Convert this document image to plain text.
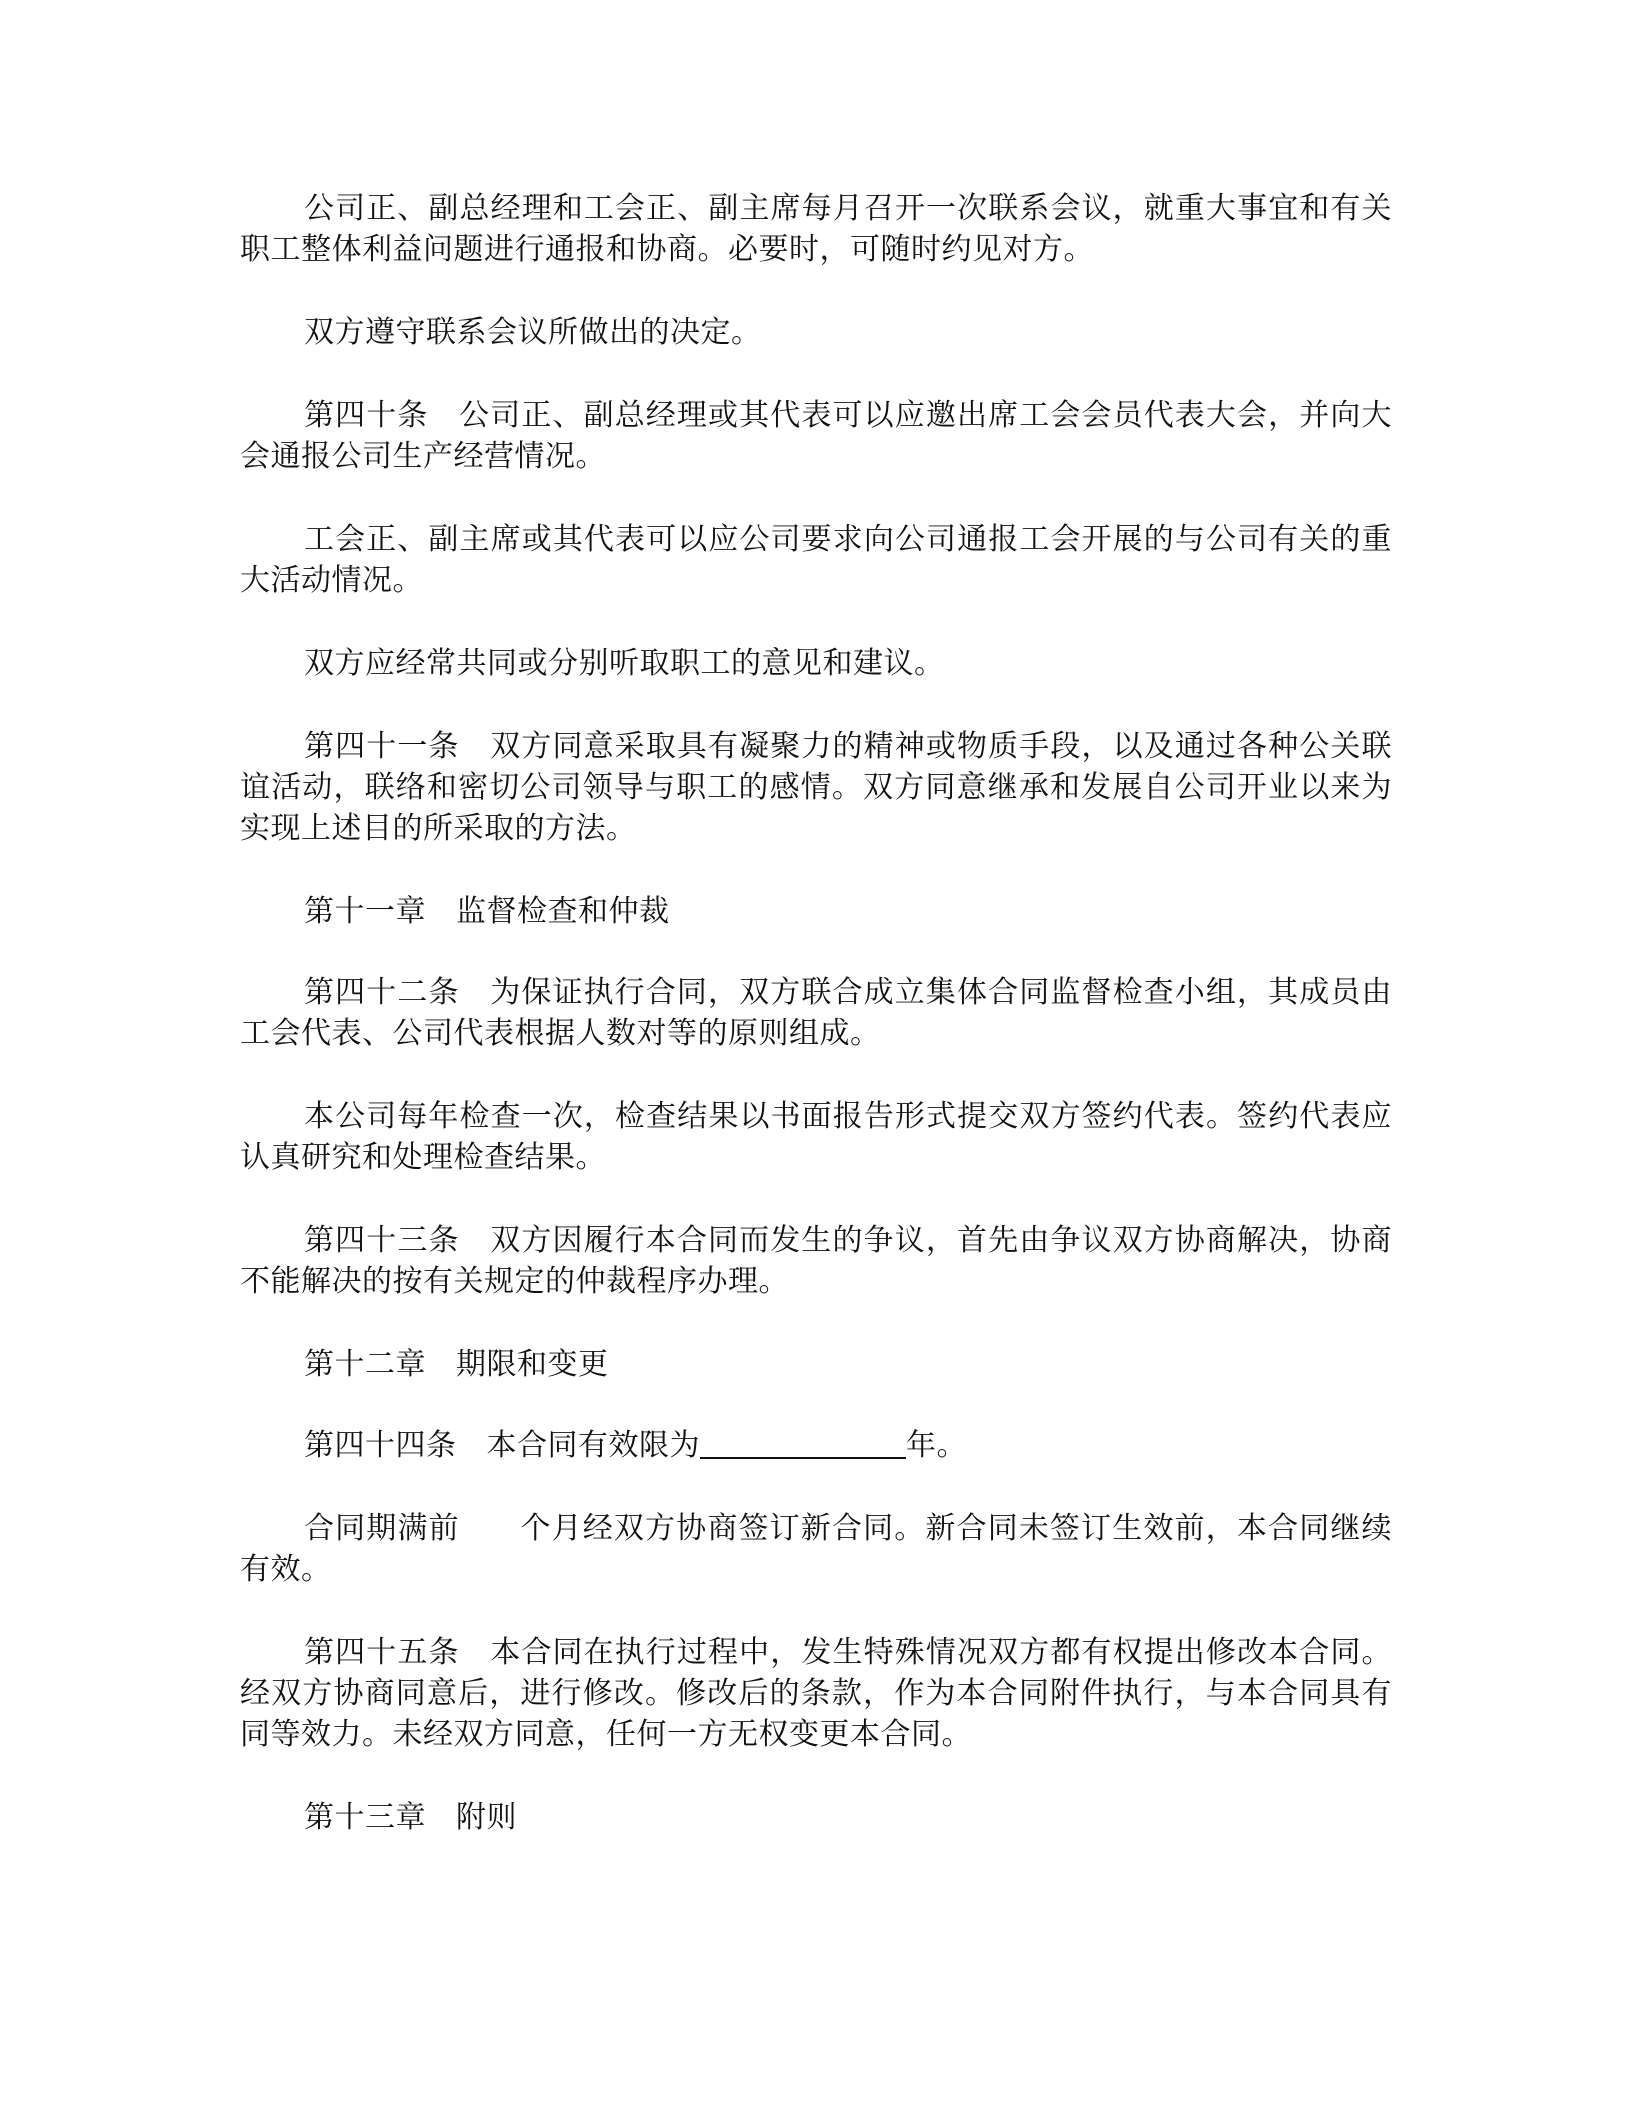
公司正、副总经理和工会正、副主席每月召开一次联系会议，就重大事宜和有关职工整体利益问题进行通报和协商。必要时，可随时约见对方。

双方遵守联系会议所做出的决定。

第四十条 公司正、副总经理或其代表可以应邀出席工会会员代表大会，并向大会通报公司生产经营情况。

工会正、副主席或其代表可以应公司要求向公司通报工会开展的与公司有关的重大活动情况。

双方应经常共同或分别听取职工的意见和建议。

第四十一条 双方同意采取具有凝聚力的精神或物质手段，以及通过各种公关联谊活动，联络和密切公司领导与职工的感情。双方同意继承和发展自公司开业以来为实现上述目的所采取的方法。

第十一章 监督检查和仲裁

第四十二条 为保证执行合同，双方联合成立集体合同监督检查小组，其成员由工会代表、公司代表根据人数对等的原则组成。

本公司每年检查一次，检查结果以书面报告形式提交双方签约代表。签约代表应认真研究和处理检查结果。

第四十三条 双方因履行本合同而发生的争议，首先由争议双方协商解决，协商不能解决的按有关规定的仲裁程序办理。

第十二章 期限和变更

第四十四条 本合同有效限为	年。

合同期满前 个月经双方协商签订新合同。新合同未签订生效前，本合同继续有效。

第四十五条 本合同在执行过程中，发生特殊情况双方都有权提出修改本合同。经双方协商同意后，进行修改。修改后的条款，作为本合同附件执行，与本合同具有同等效力。未经双方同意，任何一方无权变更本合同。

第十三章 附则
